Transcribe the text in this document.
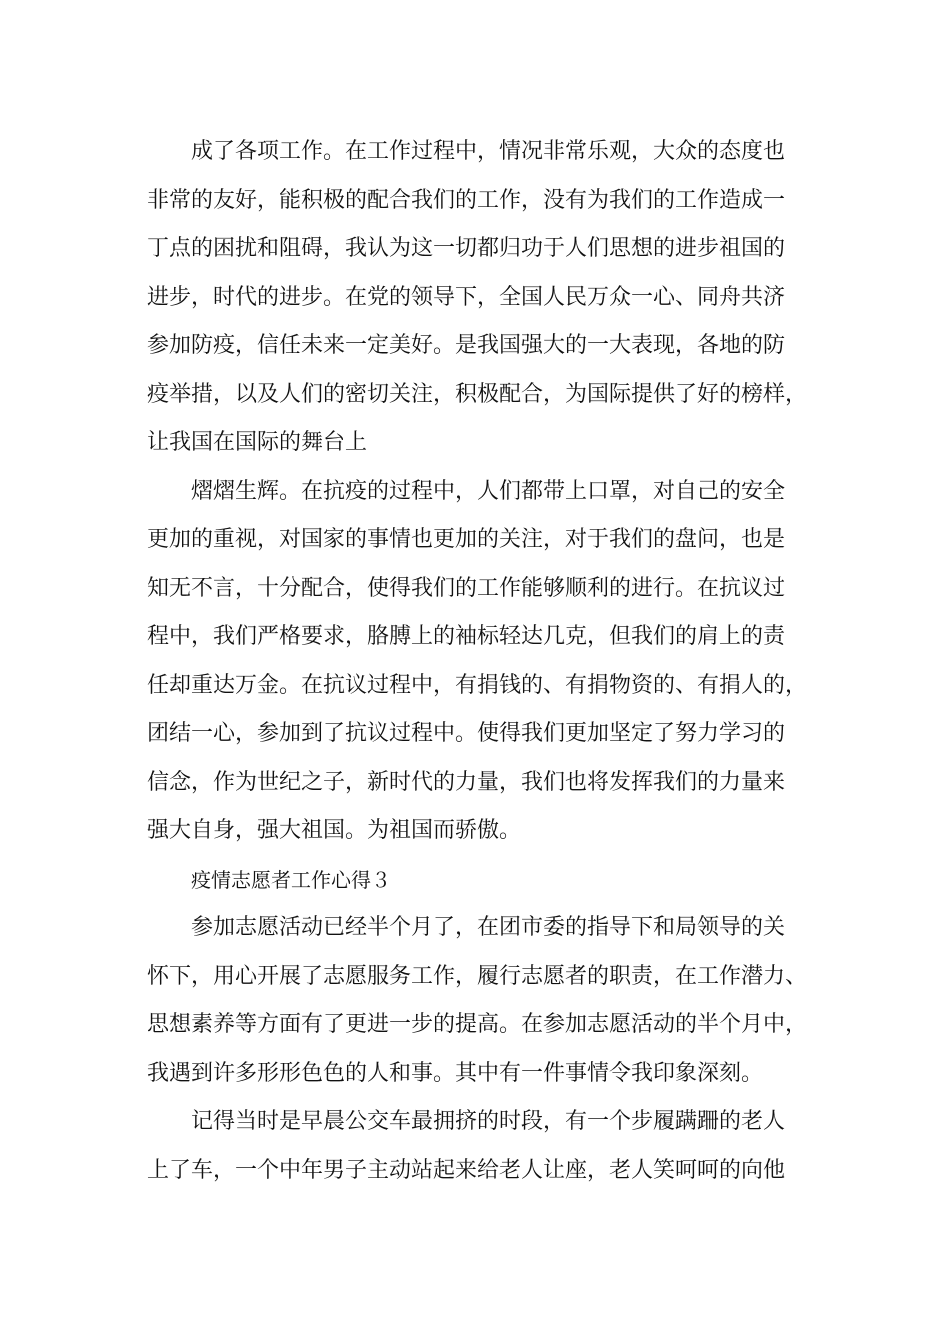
成了各项工作。在工作过程中，情况非常乐观，大众的态度也
非常的友好，能积极的配合我们的工作，没有为我们的工作造成一
丁点的困扰和阻碍，我认为这一切都归功于人们思想的进步祖国的
进步，时代的进步。在党的领导下，全国人民万众一心、同舟共济
参加防疫，信任未来一定美好。是我国强大的一大表现，各地的防
疫举措，以及人们的密切关注，积极配合，为国际提供了好的榜样，
让我国在国际的舞台上
熠熠生辉。在抗疫的过程中，人们都带上口罩，对自己的安全
更加的重视，对国家的事情也更加的关注，对于我们的盘问，也是
知无不言，十分配合，使得我们的工作能够顺利的进行。在抗议过
程中，我们严格要求，胳膊上的袖标轻达几克，但我们的肩上的责
任却重达万金。在抗议过程中，有捐钱的、有捐物资的、有捐人的，
团结一心，参加到了抗议过程中。使得我们更加坚定了努力学习的
信念，作为世纪之子，新时代的力量，我们也将发挥我们的力量来
强大自身，强大祖国。为祖国而骄傲。
疫情志愿者工作心得３
参加志愿活动已经半个月了，在团市委的指导下和局领导的关
怀下，用心开展了志愿服务工作，履行志愿者的职责，在工作潜力、
思想素养等方面有了更进一步的提高。在参加志愿活动的半个月中，
我遇到许多形形色色的人和事。其中有一件事情令我印象深刻。
记得当时是早晨公交车最拥挤的时段，有一个步履蹒跚的老人
上了车，一个中年男子主动站起来给老人让座，老人笑呵呵的向他
